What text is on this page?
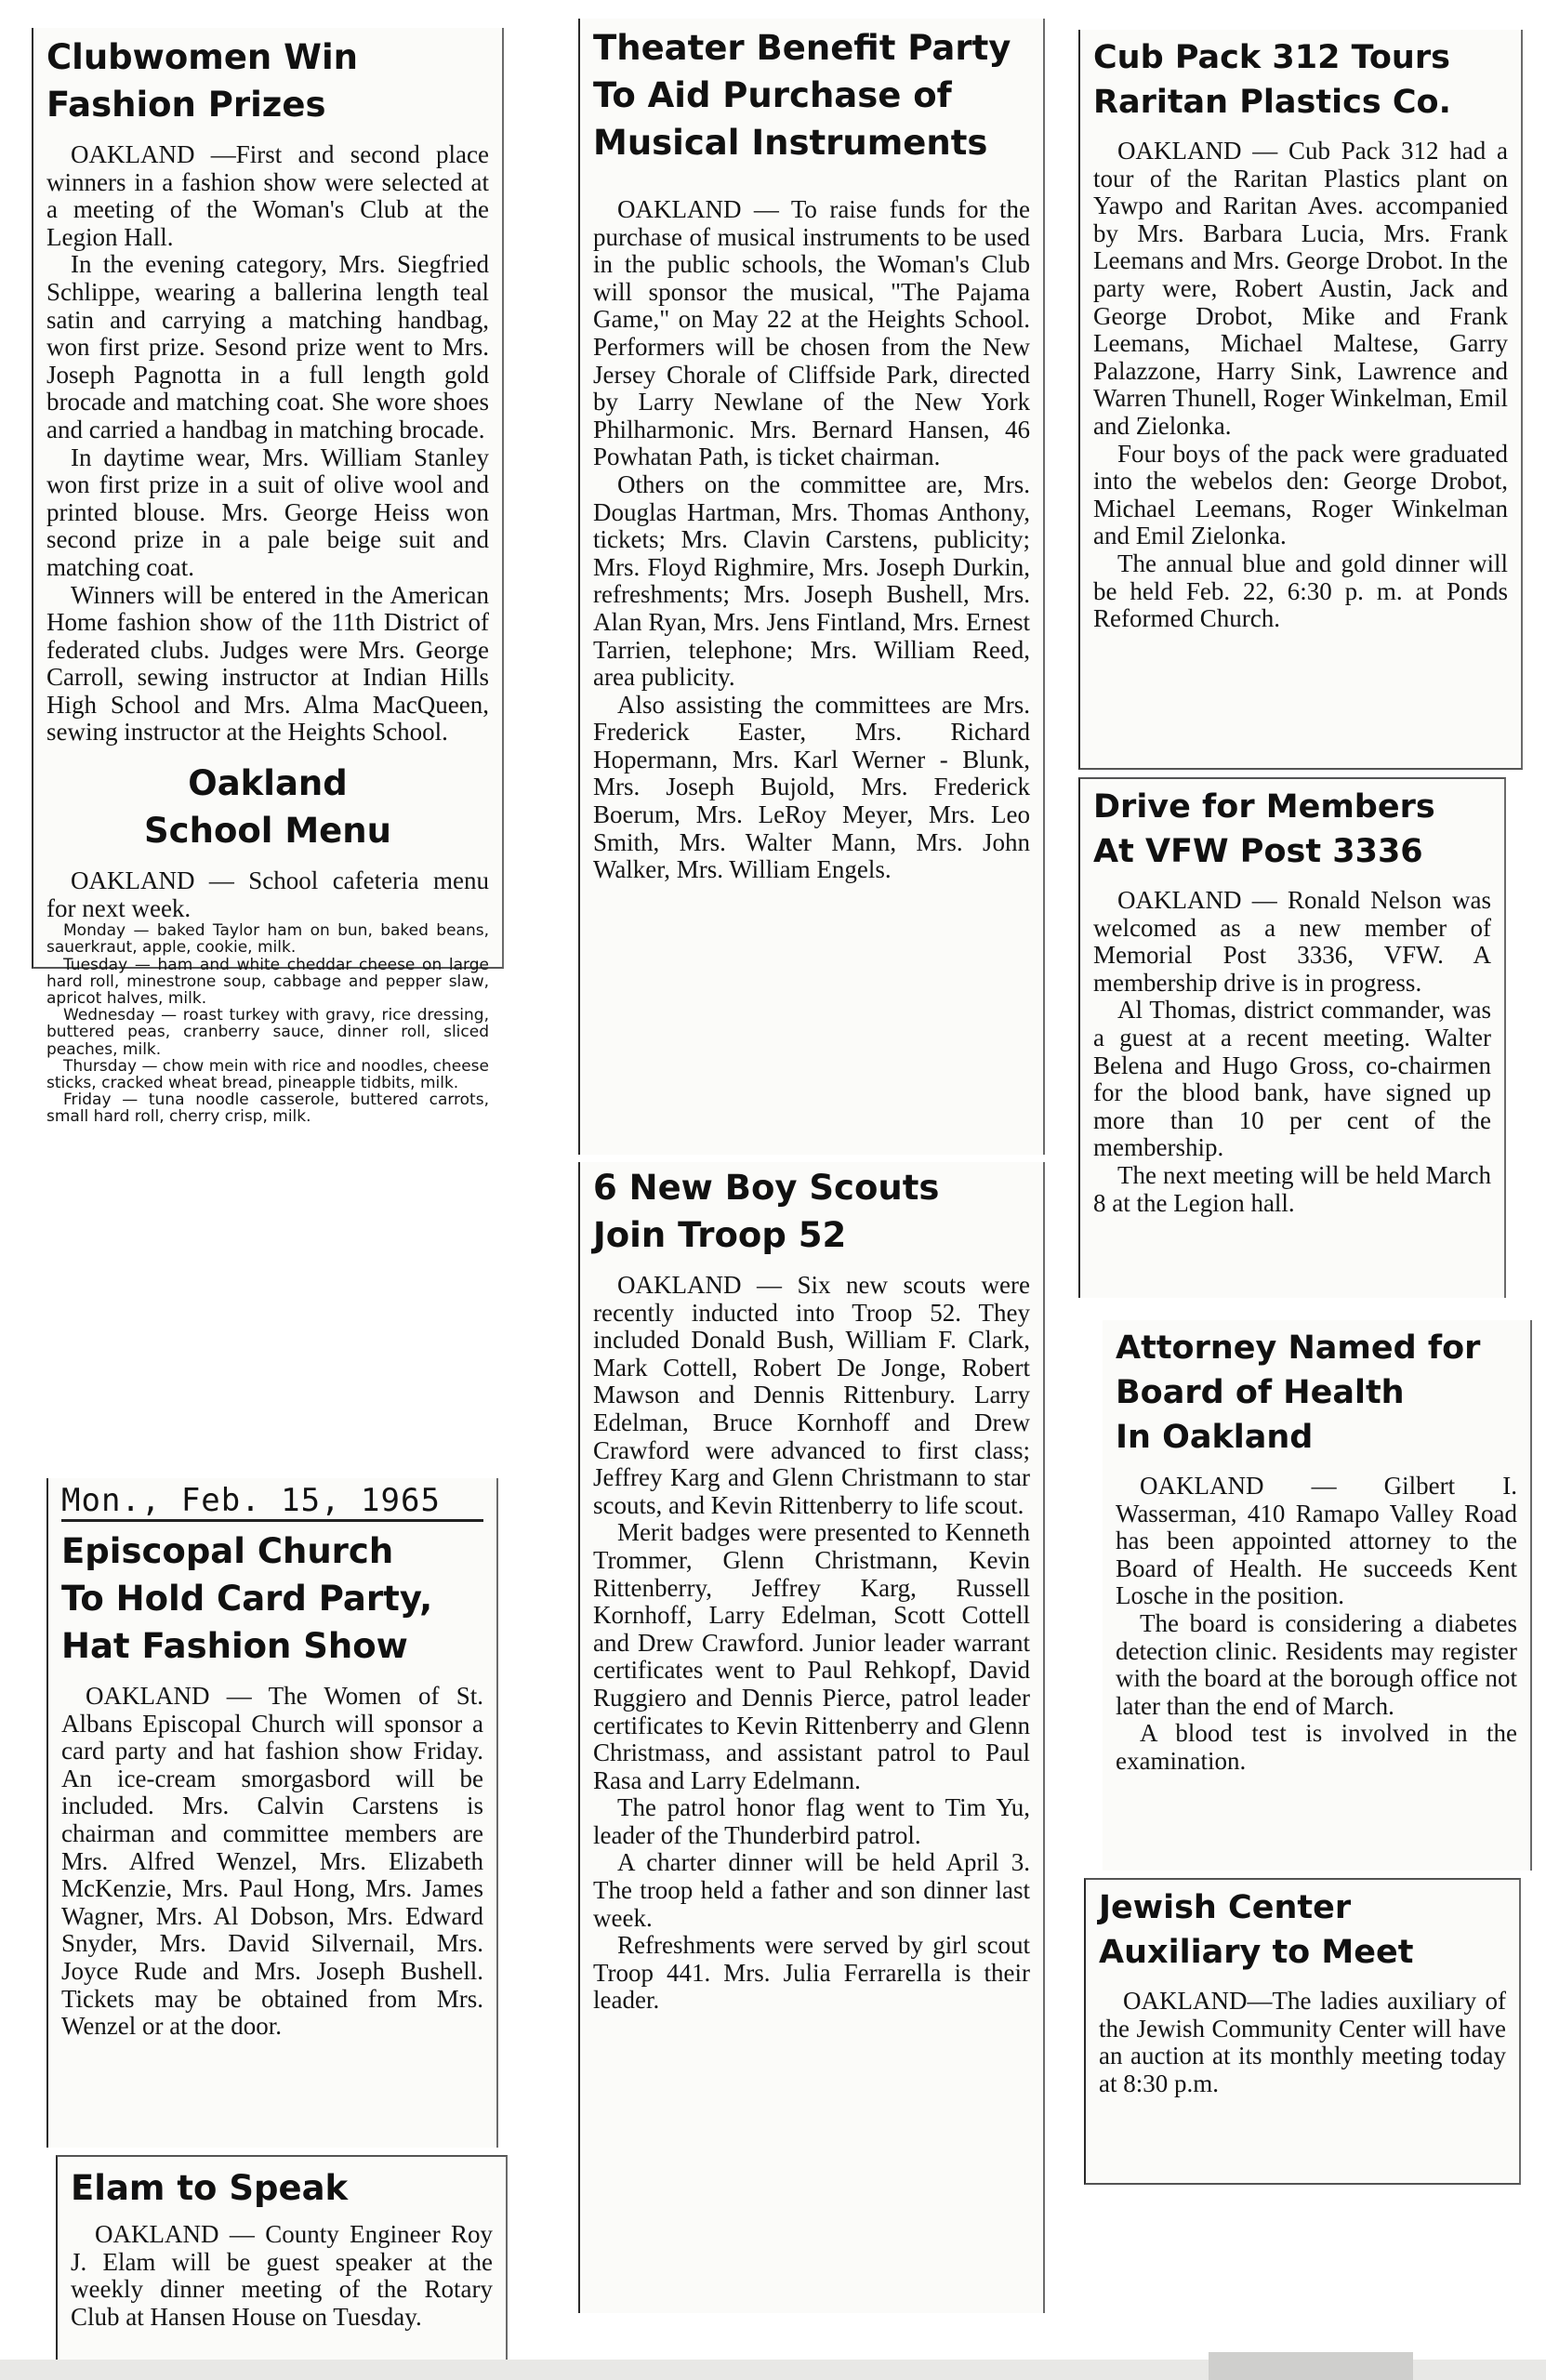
Clubwomen Win
Fashion Prizes

OAKLAND —First and second place winners in a fashion show were selected at a meeting of the Woman's Club at the Legion Hall.

In the evening category, Mrs. Siegfried Schlippe, wearing a ballerina length teal satin and carrying a matching handbag, won first prize. Sesond prize went to Mrs. Joseph Pagnotta in a full length gold brocade and matching coat. She wore shoes and carried a handbag in matching brocade.

In daytime wear, Mrs. William Stanley won first prize in a suit of olive wool and printed blouse. Mrs. George Heiss won second prize in a pale beige suit and matching coat.

Winners will be entered in the American Home fashion show of the 11th District of federated clubs. Judges were Mrs. George Carroll, sewing instructor at Indian Hills High School and Mrs. Alma MacQueen, sewing instructor at the Heights School.

Oakland
School Menu

OAKLAND — School cafeteria menu for next week.

Monday — baked Taylor ham on bun, baked beans, sauerkraut, apple, cookie, milk.

Tuesday — ham and white cheddar cheese on large hard roll, minestrone soup, cabbage and pepper slaw, apricot halves, milk.

Wednesday — roast turkey with gravy, rice dressing, buttered peas, cranberry sauce, dinner roll, sliced peaches, milk.

Thursday — chow mein with rice and noodles, cheese sticks, cracked wheat bread, pineapple tidbits, milk.

Friday — tuna noodle casserole, buttered carrots, small hard roll, cherry crisp, milk.

Mon., Feb. 15, 1965
Episcopal Church
To Hold Card Party,
Hat Fashion Show

OAKLAND — The Women of St. Albans Episcopal Church will sponsor a card party and hat fashion show Friday. An ice-cream smorgasbord will be included. Mrs. Calvin Carstens is chairman and committee members are Mrs. Alfred Wenzel, Mrs. Elizabeth McKenzie, Mrs. Paul Hong, Mrs. James Wagner, Mrs. Al Dobson, Mrs. Edward Snyder, Mrs. David Silvernail, Mrs. Joyce Rude and Mrs. Joseph Bushell. Tickets may be obtained from Mrs. Wenzel or at the door.

Elam to Speak

OAKLAND — County Engineer Roy J. Elam will be guest speaker at the weekly dinner meeting of the Rotary Club at Hansen House on Tuesday.

Theater Benefit Party
To Aid Purchase of
Musical Instruments

OAKLAND — To raise funds for the purchase of musical instruments to be used in the public schools, the Woman's Club will sponsor the musical, "The Pajama Game," on May 22 at the Heights School. Performers will be chosen from the New Jersey Chorale of Cliffside Park, directed by Larry Newlane of the New York Philharmonic. Mrs. Bernard Hansen, 46 Powhatan Path, is ticket chairman.

Others on the committee are, Mrs. Douglas Hartman, Mrs. Thomas Anthony, tickets; Mrs. Clavin Carstens, publicity; Mrs. Floyd Righmire, Mrs. Joseph Durkin, refreshments; Mrs. Joseph Bushell, Mrs. Alan Ryan, Mrs. Jens Fintland, Mrs. Ernest Tarrien, telephone; Mrs. William Reed, area publicity.

Also assisting the committees are Mrs. Frederick Easter, Mrs. Richard Hopermann, Mrs. Karl Werner - Blunk, Mrs. Joseph Bujold, Mrs. Frederick Boerum, Mrs. LeRoy Meyer, Mrs. Leo Smith, Mrs. Walter Mann, Mrs. John Walker, Mrs. William Engels.

6 New Boy Scouts
Join Troop 52

OAKLAND — Six new scouts were recently inducted into Troop 52. They included Donald Bush, William F. Clark, Mark Cottell, Robert De Jonge, Robert Mawson and Dennis Rittenbury. Larry Edelman, Bruce Kornhoff and Drew Crawford were advanced to first class; Jeffrey Karg and Glenn Christmann to star scouts, and Kevin Rittenberry to life scout.

Merit badges were presented to Kenneth Trommer, Glenn Christmann, Kevin Rittenberry, Jeffrey Karg, Russell Kornhoff, Larry Edelman, Scott Cottell and Drew Crawford. Junior leader warrant certificates went to Paul Rehkopf, David Ruggiero and Dennis Pierce, patrol leader certificates to Kevin Rittenberry and Glenn Christmass, and assistant patrol to Paul Rasa and Larry Edelmann.

The patrol honor flag went to Tim Yu, leader of the Thunderbird patrol.

A charter dinner will be held April 3. The troop held a father and son dinner last week.

Refreshments were served by girl scout Troop 441. Mrs. Julia Ferrarella is their leader.

Cub Pack 312 Tours
Raritan Plastics Co.

OAKLAND — Cub Pack 312 had a tour of the Raritan Plastics plant on Yawpo and Raritan Aves. accompanied by Mrs. Barbara Lucia, Mrs. Frank Leemans and Mrs. George Drobot. In the party were, Robert Austin, Jack and George Drobot, Mike and Frank Leemans, Michael Maltese, Garry Palazzone, Harry Sink, Lawrence and Warren Thunell, Roger Winkelman, Emil and Zielonka.

Four boys of the pack were graduated into the webelos den: George Drobot, Michael Leemans, Roger Winkelman and Emil Zielonka.

The annual blue and gold dinner will be held Feb. 22, 6:30 p. m. at Ponds Reformed Church.

Drive for Members
At VFW Post 3336

OAKLAND — Ronald Nelson was welcomed as a new member of Memorial Post 3336, VFW. A membership drive is in progress.

Al Thomas, district commander, was a guest at a recent meeting. Walter Belena and Hugo Gross, co-chairmen for the blood bank, have signed up more than 10 per cent of the membership.

The next meeting will be held March 8 at the Legion hall.

Attorney Named for
Board of Health
In Oakland

OAKLAND — Gilbert I. Wasserman, 410 Ramapo Valley Road has been appointed attorney to the Board of Health. He succeeds Kent Losche in the position.

The board is considering a diabetes detection clinic. Residents may register with the board at the borough office not later than the end of March.

A blood test is involved in the examination.

Jewish Center
Auxiliary to Meet

OAKLAND—The ladies auxiliary of the Jewish Community Center will have an auction at its monthly meeting today at 8:30 p.m.
